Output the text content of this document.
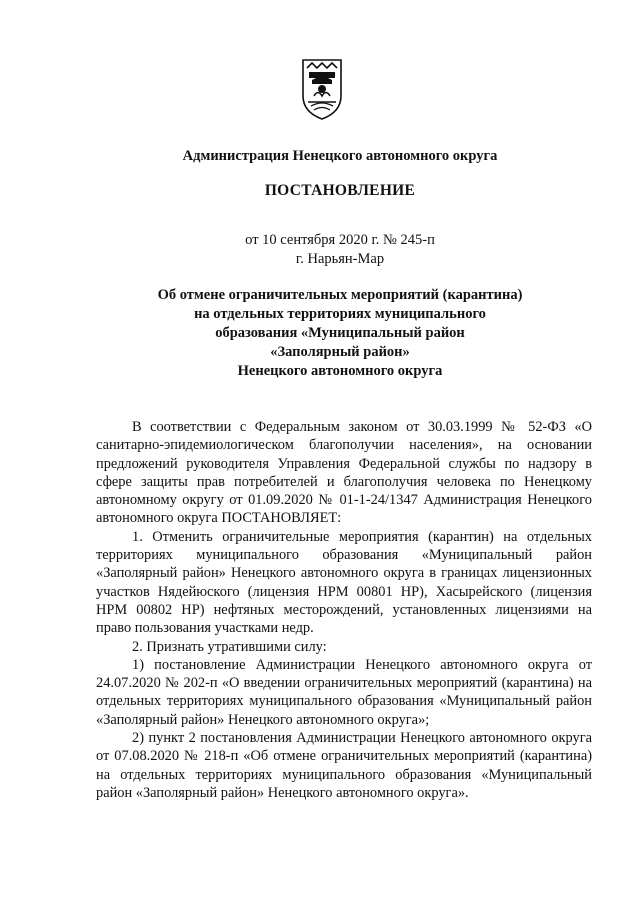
Администрация Ненецкого автономного округа
ПОСТАНОВЛЕНИЕ
от 10 сентября 2020 г. № 245-п
г. Нарьян-Мар
Об отмене ограничительных мероприятий (карантина)
на отдельных территориях муниципального
образования «Муниципальный район
«Заполярный район»
Ненецкого автономного округа

В соответствии с Федеральным законом от 30.03.1999 № 52-ФЗ «О санитарно-эпидемиологическом благополучии населения», на основании предложений руководителя Управления Федеральной службы по надзору в сфере защиты прав потребителей и благополучия человека по Ненецкому автономному округу от 01.09.2020 № 01-1-24/1347 Администрация Ненецкого автономного округа ПОСТАНОВЛЯЕТ:

1. Отменить ограничительные мероприятия (карантин) на отдельных территориях муниципального образования «Муниципальный район «Заполярный район» Ненецкого автономного округа в границах лицензионных участков Нядейюского (лицензия НРМ 00801 НР), Хасырейского (лицензия НРМ 00802 НР) нефтяных месторождений, установленных лицензиями на право пользования участками недр.

2. Признать утратившими силу:

1) постановление Администрации Ненецкого автономного округа от 24.07.2020 № 202-п «О введении ограничительных мероприятий (карантина) на отдельных территориях муниципального образования «Муниципальный район «Заполярный район» Ненецкого автономного округа»;

2) пункт 2 постановления Администрации Ненецкого автономного округа от 07.08.2020 № 218-п «Об отмене ограничительных мероприятий (карантина) на отдельных территориях муниципального образования «Муниципальный район «Заполярный район» Ненецкого автономного округа».
